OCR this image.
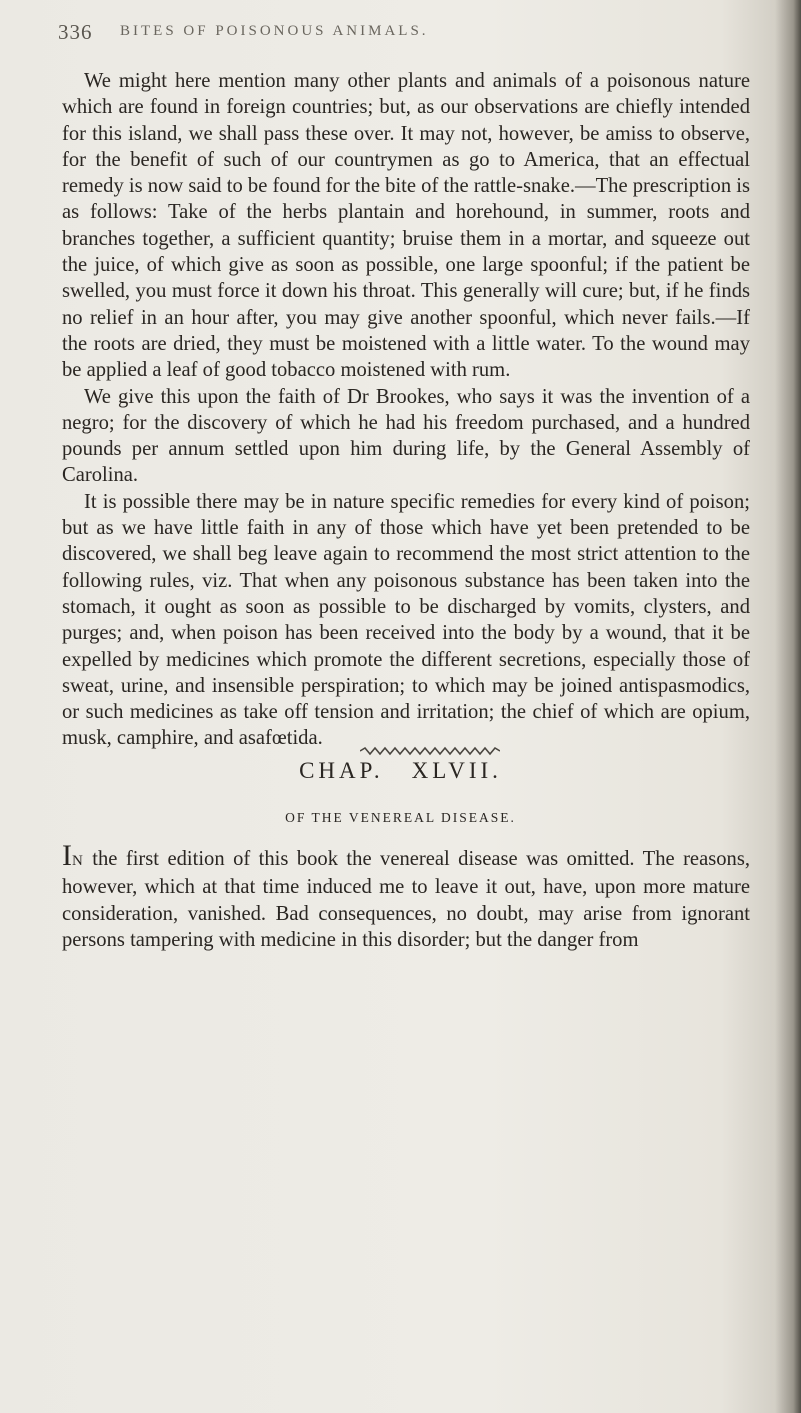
336 BITES OF POISONOUS ANIMALS.

We might here mention many other plants and animals of a poisonous nature which are found in foreign countries; but, as our observations are chiefly intended for this island, we shall pass these over. It may not, however, be amiss to observe, for the benefit of such of our countrymen as go to America, that an effectual remedy is now said to be found for the bite of the rattle-snake.—The prescription is as follows: Take of the herbs plantain and horehound, in summer, roots and branches together, a sufficient quantity; bruise them in a mortar, and squeeze out the juice, of which give as soon as possible, one large spoonful; if the patient be swelled, you must force it down his throat. This generally will cure; but, if he finds no relief in an hour after, you may give another spoonful, which never fails.—If the roots are dried, they must be moistened with a little water. To the wound may be applied a leaf of good tobacco moistened with rum.

We give this upon the faith of Dr Brookes, who says it was the invention of a negro; for the discovery of which he had his freedom purchased, and a hundred pounds per annum settled upon him during life, by the General Assembly of Carolina.

It is possible there may be in nature specific remedies for every kind of poison; but as we have little faith in any of those which have yet been pretended to be discovered, we shall beg leave again to recommend the most strict attention to the following rules, viz. That when any poisonous substance has been taken into the stomach, it ought as soon as possible to be discharged by vomits, clysters, and purges; and, when poison has been received into the body by a wound, that it be expelled by medicines which promote the different secretions, especially those of sweat, urine, and insensible perspiration; to which may be joined antispasmodics, or such medicines as take off tension and irritation; the chief of which are opium, musk, camphire, and asafœtida.

CHAP. XLVII.
OF THE VENEREAL DISEASE.

IN the first edition of this book the venereal disease was omitted. The reasons, however, which at that time induced me to leave it out, have, upon more mature consideration, vanished. Bad consequences, no doubt, may arise from ignorant persons tampering with medicine in this disorder; but the danger from
